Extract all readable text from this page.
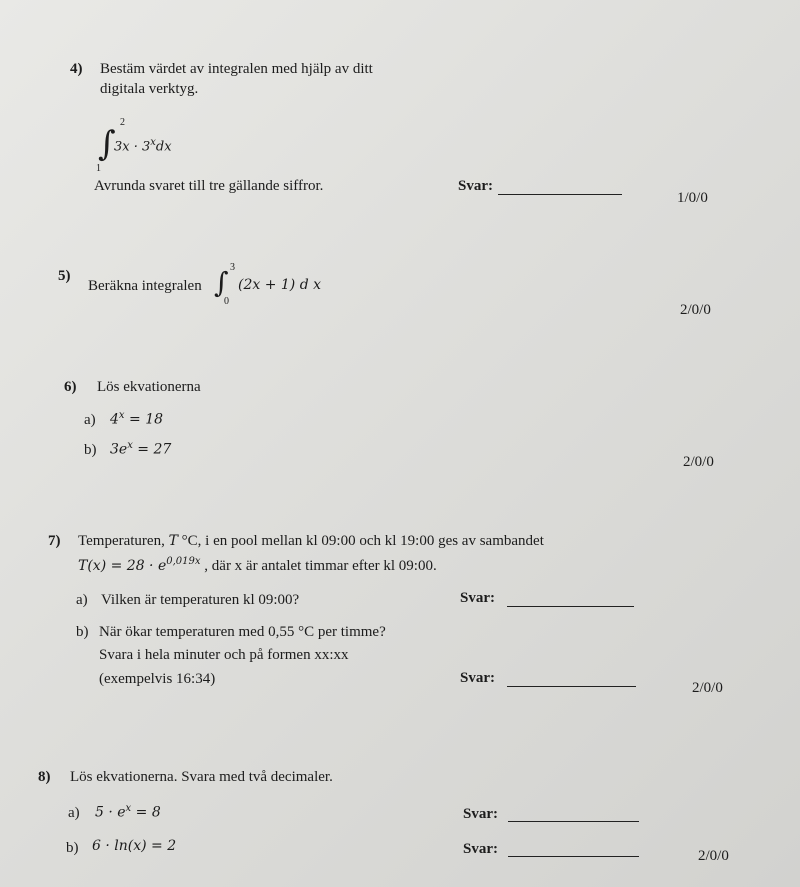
4) Bestäm värdet av integralen med hjälp av ditt
digitala verktyg.
2
∫
1
$3x \cdot 3^xdx$
Avrunda svaret till tre gällande siffror.	Svar:
1/0/0
5)
Beräkna integralen
3
∫
0
(2x + 1) d x
2/0/0
6) Lös ekvationerna
a) $4^x = 18$
b) $3e^x = 27$
2/0/0
7) Temperaturen, T °C, i en pool mellan kl 09:00 och kl 19:00 ges av sambandet
$T(x) = 28 \cdot e^{0,019x}$ , där x är antalet timmar efter kl 09:00.
a) Vilken är temperaturen kl 09:00?	Svar:
b) När ökar temperaturen med 0,55 °C per timme?
Svara i hela minuter och på formen xx:xx
(exempelvis 16:34)	Svar:
2/0/0
8) Lös ekvationerna. Svara med två decimaler.
a) $5 \cdot e^x = 8$	Svar:
b) 6 · ln(x) = 2	Svar:	2/0/0
